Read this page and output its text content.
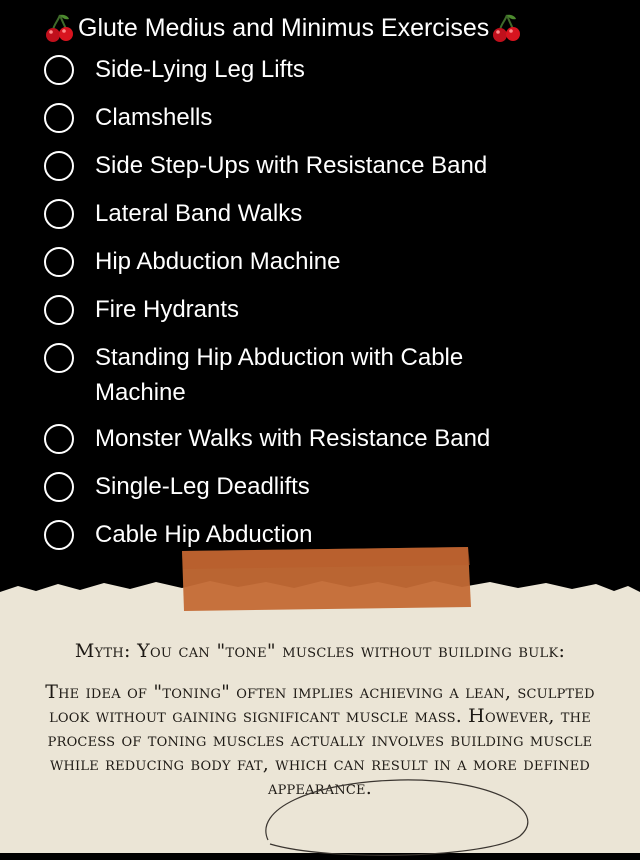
Glute Medius and Minimus Exercises
Side-Lying Leg Lifts
Clamshells
Side Step-Ups with Resistance Band
Lateral Band Walks
Hip Abduction Machine
Fire Hydrants
Standing Hip Abduction with Cable Machine
Monster Walks with Resistance Band
Single-Leg Deadlifts
Cable Hip Abduction

Myth: You can "tone" muscles without building bulk:

The idea of "toning" often implies achieving a lean, sculpted look without gaining significant muscle mass. However, the process of toning muscles actually involves building muscle while reducing body fat, which can result in a more defined appearance.
